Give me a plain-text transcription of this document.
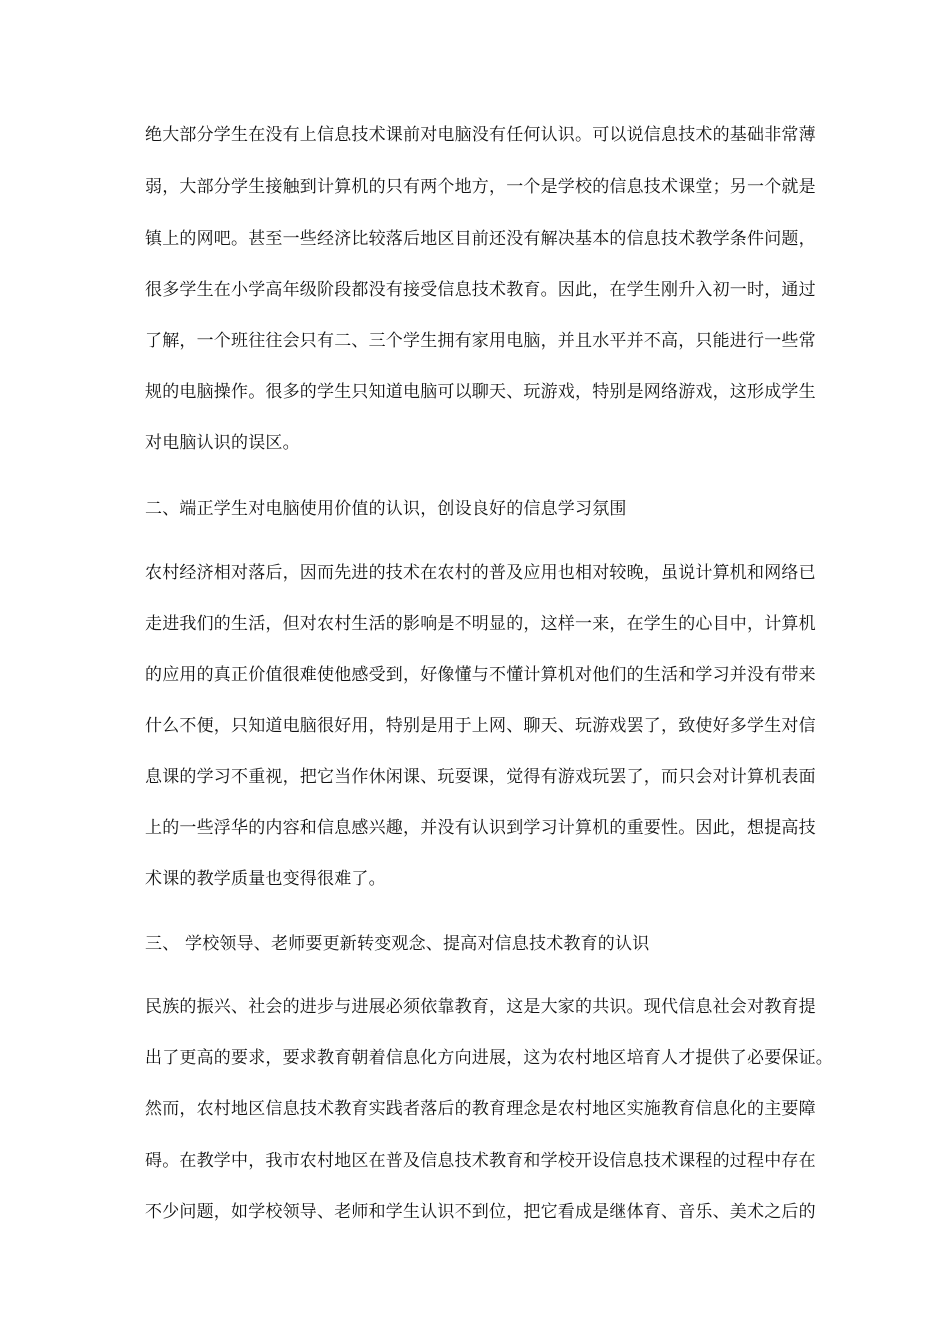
绝大部分学生在没有上信息技术课前对电脑没有任何认识。可以说信息技术的基础非常薄

弱，大部分学生接触到计算机的只有两个地方，一个是学校的信息技术课堂；另一个就是

镇上的网吧。甚至一些经济比较落后地区目前还没有解决基本的信息技术教学条件问题，

很多学生在小学高年级阶段都没有接受信息技术教育。因此，在学生刚升入初一时，通过

了解，一个班往往会只有二、三个学生拥有家用电脑，并且水平并不高，只能进行一些常

规的电脑操作。很多的学生只知道电脑可以聊天、玩游戏，特别是网络游戏，这形成学生

对电脑认识的误区。

二、端正学生对电脑使用价值的认识，创设良好的信息学习氛围

农村经济相对落后，因而先进的技术在农村的普及应用也相对较晚，虽说计算机和网络已

走进我们的生活，但对农村生活的影响是不明显的，这样一来，在学生的心目中，计算机

的应用的真正价值很难使他感受到，好像懂与不懂计算机对他们的生活和学习并没有带来

什么不便，只知道电脑很好用，特别是用于上网、聊天、玩游戏罢了，致使好多学生对信

息课的学习不重视，把它当作休闲课、玩耍课，觉得有游戏玩罢了，而只会对计算机表面

上的一些浮华的内容和信息感兴趣，并没有认识到学习计算机的重要性。因此，想提高技

术课的教学质量也变得很难了。

三、 学校领导、老师要更新转变观念、提高对信息技术教育的认识

民族的振兴、社会的进步与进展必须依靠教育，这是大家的共识。现代信息社会对教育提

出了更高的要求，要求教育朝着信息化方向进展，这为农村地区培育人才提供了必要保证。

然而，农村地区信息技术教育实践者落后的教育理念是农村地区实施教育信息化的主要障

碍。在教学中，我市农村地区在普及信息技术教育和学校开设信息技术课程的过程中存在

不少问题，如学校领导、老师和学生认识不到位，把它看成是继体育、音乐、美术之后的
